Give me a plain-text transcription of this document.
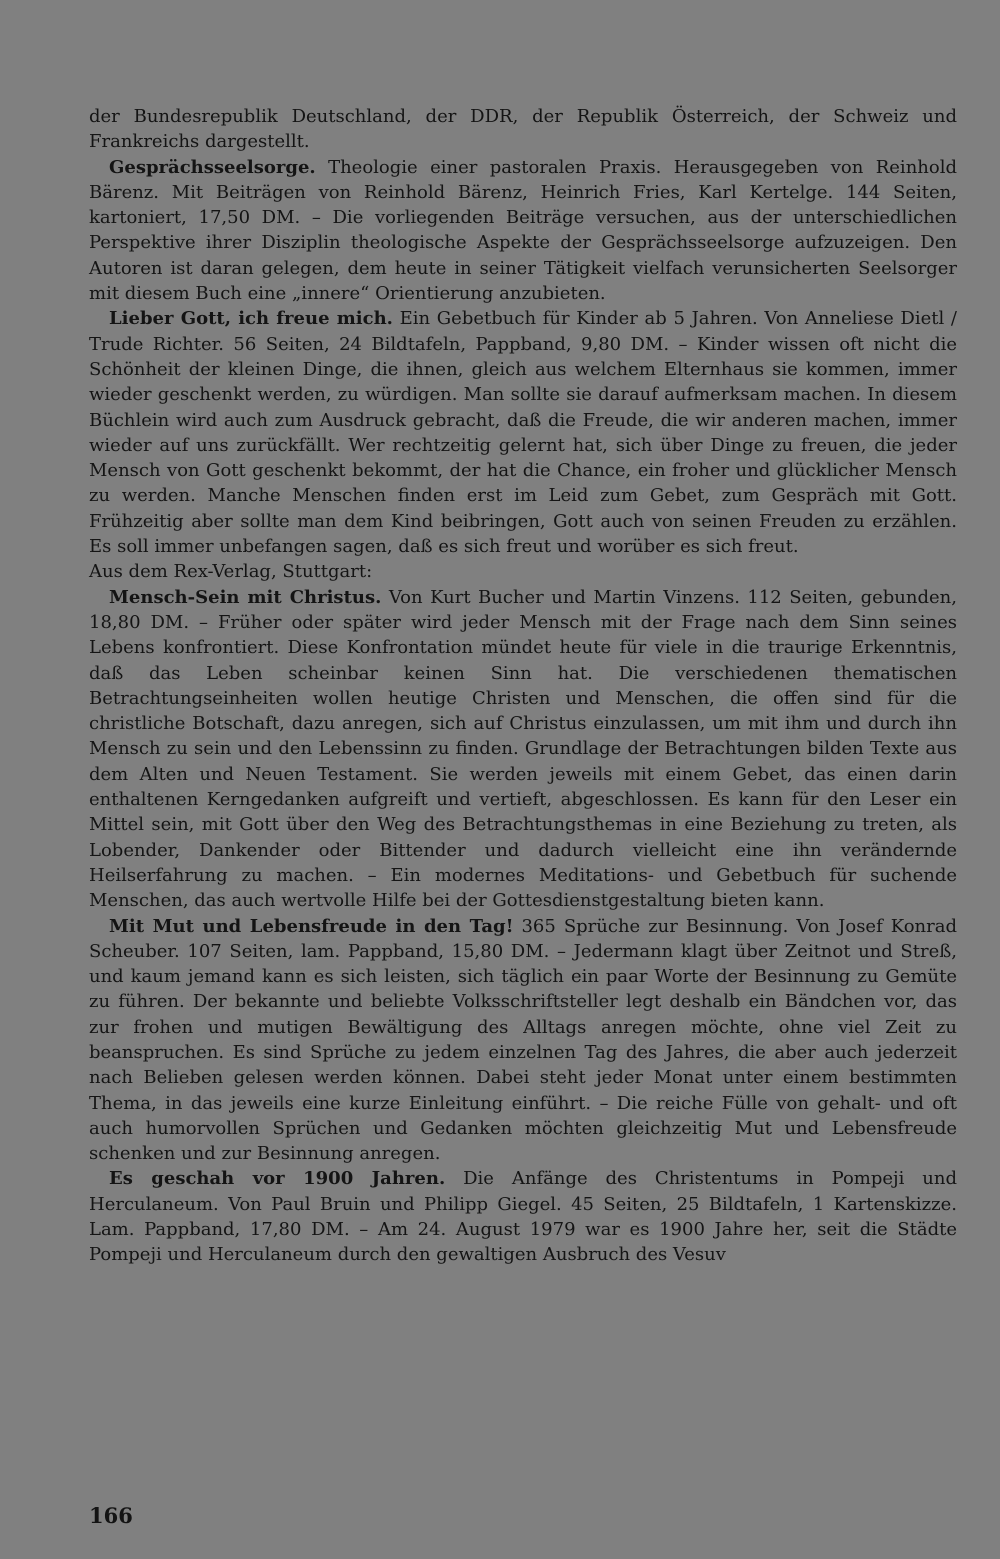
der Bundesrepublik Deutschland, der DDR, der Republik Österreich, der Schweiz und Frankreichs dargestellt.

Gesprächsseelsorge. Theologie einer pastoralen Praxis. Herausgegeben von Reinhold Bärenz. Mit Beiträgen von Reinhold Bärenz, Heinrich Fries, Karl Kertelge. 144 Seiten, kartoniert, 17,50 DM. – Die vorliegenden Beiträge versuchen, aus der unterschiedlichen Perspektive ihrer Disziplin theologische Aspekte der Gesprächsseelsorge aufzuzeigen. Den Autoren ist daran gelegen, dem heute in seiner Tätigkeit vielfach verunsicherten Seelsorger mit diesem Buch eine „innere“ Orientierung anzubieten.

Lieber Gott, ich freue mich. Ein Gebetbuch für Kinder ab 5 Jahren. Von Anneliese Dietl / Trude Richter. 56 Seiten, 24 Bildtafeln, Pappband, 9,80 DM. – Kinder wissen oft nicht die Schönheit der kleinen Dinge, die ihnen, gleich aus welchem Elternhaus sie kommen, immer wieder geschenkt werden, zu würdigen. Man sollte sie darauf aufmerksam machen. In diesem Büchlein wird auch zum Ausdruck gebracht, daß die Freude, die wir anderen machen, immer wieder auf uns zurückfällt. Wer rechtzeitig gelernt hat, sich über Dinge zu freuen, die jeder Mensch von Gott geschenkt bekommt, der hat die Chance, ein froher und glücklicher Mensch zu werden. Manche Menschen finden erst im Leid zum Gebet, zum Gespräch mit Gott. Frühzeitig aber sollte man dem Kind beibringen, Gott auch von seinen Freuden zu erzählen. Es soll immer unbefangen sagen, daß es sich freut und worüber es sich freut.

Aus dem Rex-Verlag, Stuttgart:

Mensch-Sein mit Christus. Von Kurt Bucher und Martin Vinzens. 112 Seiten, gebunden, 18,80 DM. – Früher oder später wird jeder Mensch mit der Frage nach dem Sinn seines Lebens konfrontiert. Diese Konfrontation mündet heute für viele in die traurige Erkenntnis, daß das Leben scheinbar keinen Sinn hat. Die verschiedenen thematischen Betrachtungseinheiten wollen heutige Christen und Menschen, die offen sind für die christliche Botschaft, dazu anregen, sich auf Christus einzulassen, um mit ihm und durch ihn Mensch zu sein und den Lebenssinn zu finden. Grundlage der Betrachtungen bilden Texte aus dem Alten und Neuen Testament. Sie werden jeweils mit einem Gebet, das einen darin enthaltenen Kerngedanken aufgreift und vertieft, abgeschlossen. Es kann für den Leser ein Mittel sein, mit Gott über den Weg des Betrachtungsthemas in eine Beziehung zu treten, als Lobender, Dankender oder Bittender und dadurch vielleicht eine ihn verändernde Heilserfahrung zu machen. – Ein modernes Meditations- und Gebetbuch für suchende Menschen, das auch wertvolle Hilfe bei der Gottesdienstgestaltung bieten kann.

Mit Mut und Lebensfreude in den Tag! 365 Sprüche zur Besinnung. Von Josef Konrad Scheuber. 107 Seiten, lam. Pappband, 15,80 DM. – Jedermann klagt über Zeitnot und Streß, und kaum jemand kann es sich leisten, sich täglich ein paar Worte der Besinnung zu Gemüte zu führen. Der bekannte und beliebte Volksschriftsteller legt deshalb ein Bändchen vor, das zur frohen und mutigen Bewältigung des Alltags anregen möchte, ohne viel Zeit zu beanspruchen. Es sind Sprüche zu jedem einzelnen Tag des Jahres, die aber auch jederzeit nach Belieben gelesen werden können. Dabei steht jeder Monat unter einem bestimmten Thema, in das jeweils eine kurze Einleitung einführt. – Die reiche Fülle von gehalt- und oft auch humorvollen Sprüchen und Gedanken möchten gleichzeitig Mut und Lebensfreude schenken und zur Besinnung anregen.

Es geschah vor 1900 Jahren. Die Anfänge des Christentums in Pompeji und Herculaneum. Von Paul Bruin und Philipp Giegel. 45 Seiten, 25 Bildtafeln, 1 Kartenskizze. Lam. Pappband, 17,80 DM. – Am 24. August 1979 war es 1900 Jahre her, seit die Städte Pompeji und Herculaneum durch den gewaltigen Ausbruch des Vesuv

166
